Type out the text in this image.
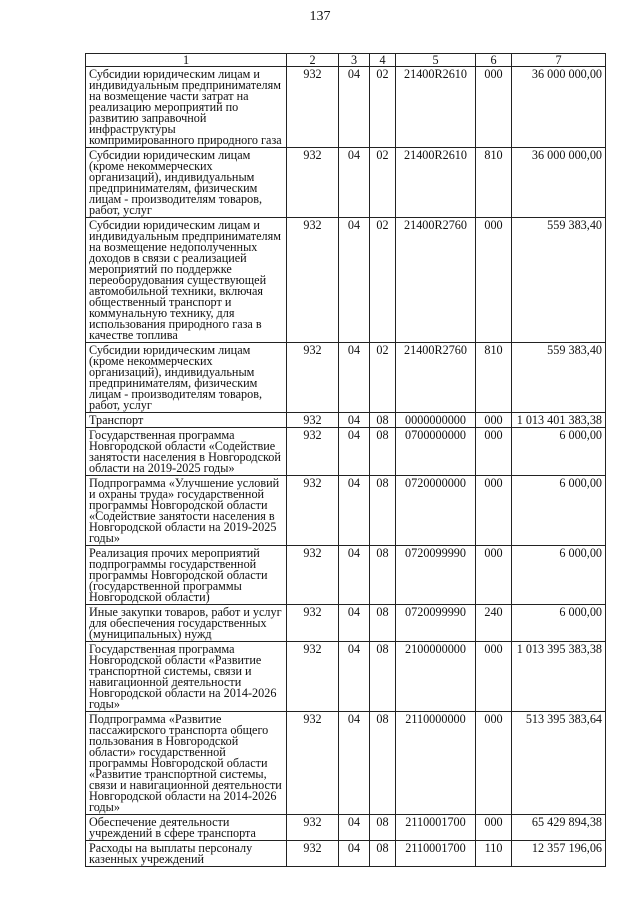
137
1	2	3	4	5	6	7
Субсидии юридическим лицам и индивидуальным предпринимателям на возмещение части затрат на реализацию мероприятий по развитию заправочной инфраструктуры компримированного природного газа	932	04	02	21400R2610	000	36 000 000,00
Субсидии юридическим лицам (кроме некоммерческих организаций), индивидуальным предпринимателям, физическим лицам - производителям товаров, работ, услуг	932	04	02	21400R2610	810	36 000 000,00
Субсидии юридическим лицам и индивидуальным предпринимателям на возмещение недополученных доходов в связи с реализацией мероприятий по поддержке переоборудования существующей автомобильной техники, включая общественный транспорт и коммунальную технику, для использования природного газа в качестве топлива	932	04	02	21400R2760	000	559 383,40
Субсидии юридическим лицам (кроме некоммерческих организаций), индивидуальным предпринимателям, физическим лицам - производителям товаров, работ, услуг	932	04	02	21400R2760	810	559 383,40
Транспорт	932	04	08	0000000000	000	1 013 401 383,38
Государственная программа Новгородской области «Содействие занятости населения в Новгородской области на 2019-2025 годы»	932	04	08	0700000000	000	6 000,00
Подпрограмма «Улучшение условий и охраны труда» государственной программы Новгородской области «Содействие занятости населения в Новгородской области на 2019-2025 годы»	932	04	08	0720000000	000	6 000,00
Реализация прочих мероприятий подпрограммы государственной программы Новгородской области (государственной программы Новгородской области)	932	04	08	0720099990	000	6 000,00
Иные закупки товаров, работ и услуг для обеспечения государственных (муниципальных) нужд	932	04	08	0720099990	240	6 000,00
Государственная программа Новгородской области «Развитие транспортной системы, связи и навигационной деятельности Новгородской области на 2014-2026 годы»	932	04	08	2100000000	000	1 013 395 383,38
Подпрограмма «Развитие пассажирского транспорта общего пользования в Новгородской области» государственной программы Новгородской области «Развитие транспортной системы, связи и навигационной деятельности Новгородской области на 2014-2026 годы»	932	04	08	2110000000	000	513 395 383,64
Обеспечение деятельности учреждений в сфере транспорта	932	04	08	2110001700	000	65 429 894,38
Расходы на выплаты персоналу казенных учреждений	932	04	08	2110001700	110	12 357 196,06
